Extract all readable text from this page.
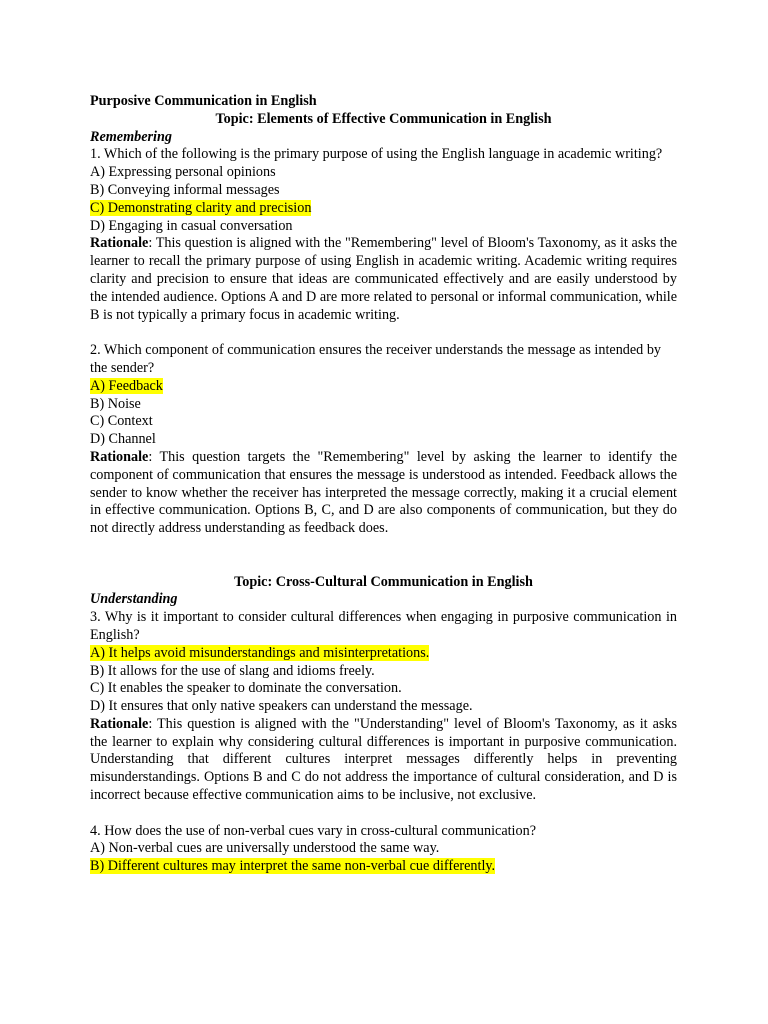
Purposive Communication in English

Topic: Elements of Effective Communication in English

Remembering

1. Which of the following is the primary purpose of using the English language in academic writing?

A) Expressing personal opinions

B) Conveying informal messages

C) Demonstrating clarity and precision

D) Engaging in casual conversation

Rationale: This question is aligned with the "Remembering" level of Bloom's Taxonomy, as it asks the learner to recall the primary purpose of using English in academic writing. Academic writing requires clarity and precision to ensure that ideas are communicated effectively and are easily understood by the intended audience. Options A and D are more related to personal or informal communication, while B is not typically a primary focus in academic writing.

2. Which component of communication ensures the receiver understands the message as intended by the sender?

A) Feedback

B) Noise

C) Context

D) Channel

Rationale: This question targets the "Remembering" level by asking the learner to identify the component of communication that ensures the message is understood as intended. Feedback allows the sender to know whether the receiver has interpreted the message correctly, making it a crucial element in effective communication. Options B, C, and D are also components of communication, but they do not directly address understanding as feedback does.

Topic: Cross-Cultural Communication in English

Understanding

3. Why is it important to consider cultural differences when engaging in purposive communication in English?

A) It helps avoid misunderstandings and misinterpretations.

B) It allows for the use of slang and idioms freely.

C) It enables the speaker to dominate the conversation.

D) It ensures that only native speakers can understand the message.

Rationale: This question is aligned with the "Understanding" level of Bloom's Taxonomy, as it asks the learner to explain why considering cultural differences is important in purposive communication. Understanding that different cultures interpret messages differently helps in preventing misunderstandings. Options B and C do not address the importance of cultural consideration, and D is incorrect because effective communication aims to be inclusive, not exclusive.

4. How does the use of non-verbal cues vary in cross-cultural communication?

A) Non-verbal cues are universally understood the same way.

B) Different cultures may interpret the same non-verbal cue differently.
